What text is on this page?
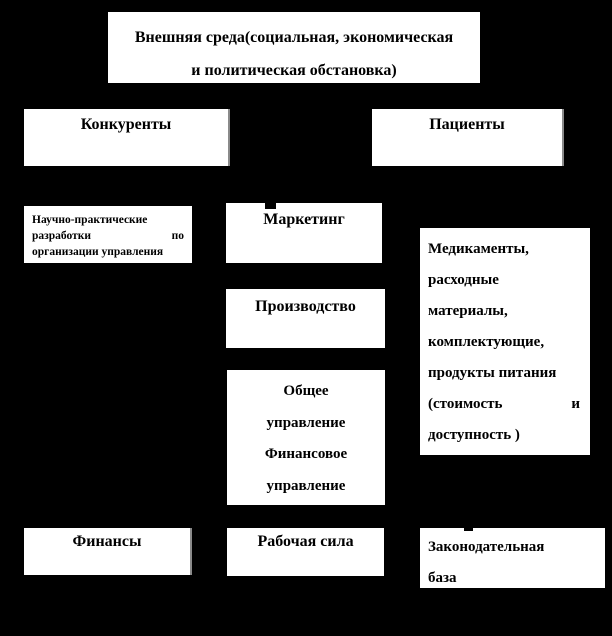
Внешняя среда(социальная, экономическая
и политическая обстановка)
Конкуренты	Пациенты
Научно-практические
разработки	по
организации управления
Маркетинг
Производство
Медикаменты,
расходные
материалы,
комплектующие,
продукты питания
(стоимость	и
доступность )
Общее
управление
Финансовое
управление
Финансы	Рабочая сила	Законодательная
база
